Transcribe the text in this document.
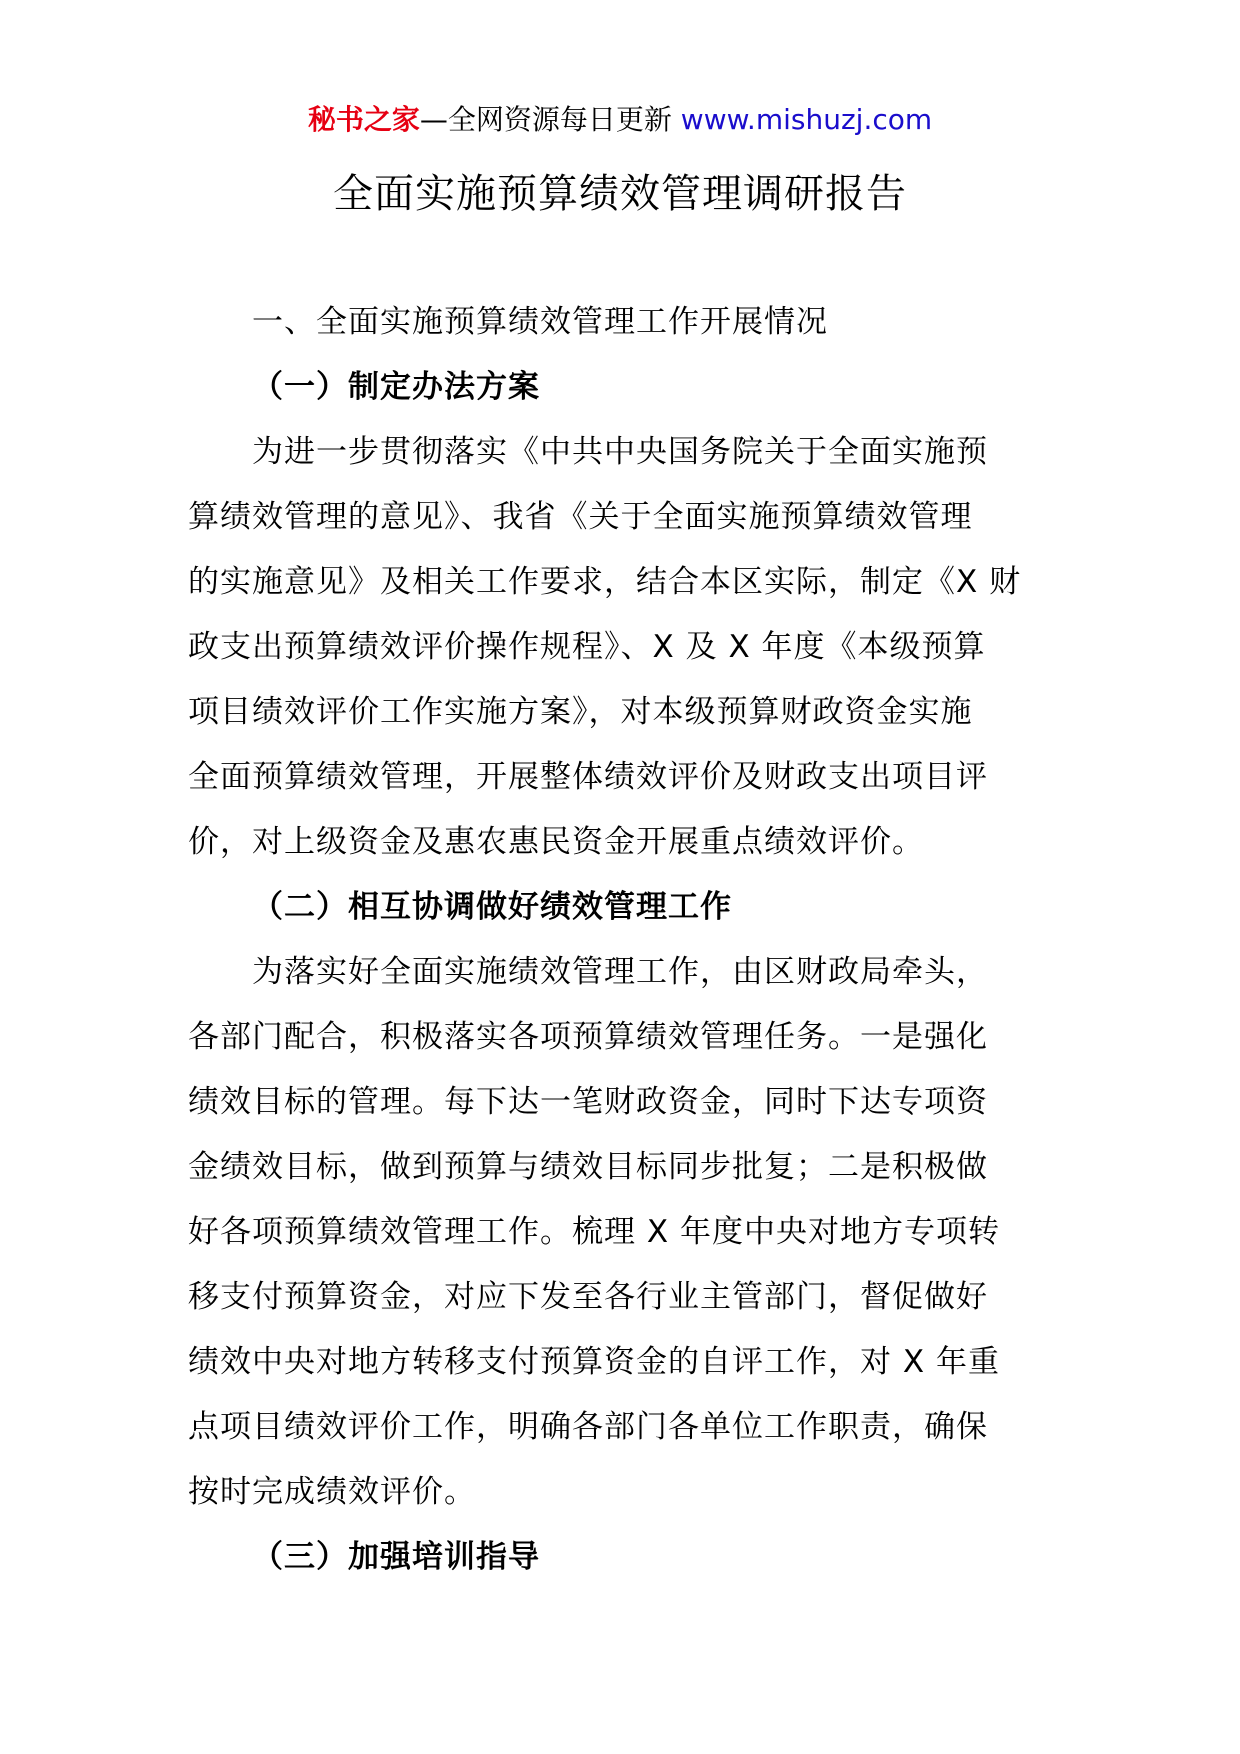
秘书之家—全网资源每日更新 www.mishuzj.com
全面实施预算绩效管理调研报告
一、全面实施预算绩效管理工作开展情况
（一）制定办法方案
为进一步贯彻落实《中共中央国务院关于全面实施预
算绩效管理的意见》、我省《关于全面实施预算绩效管理
的实施意见》及相关工作要求，结合本区实际，制定《X 财
政支出预算绩效评价操作规程》、X 及 X 年度《本级预算
项目绩效评价工作实施方案》，对本级预算财政资金实施
全面预算绩效管理，开展整体绩效评价及财政支出项目评
价，对上级资金及惠农惠民资金开展重点绩效评价。
（二）相互协调做好绩效管理工作
为落实好全面实施绩效管理工作，由区财政局牵头，
各部门配合，积极落实各项预算绩效管理任务。一是强化
绩效目标的管理。每下达一笔财政资金，同时下达专项资
金绩效目标，做到预算与绩效目标同步批复；二是积极做
好各项预算绩效管理工作。梳理 X 年度中央对地方专项转
移支付预算资金，对应下发至各行业主管部门，督促做好
绩效中央对地方转移支付预算资金的自评工作，对 X 年重
点项目绩效评价工作，明确各部门各单位工作职责，确保
按时完成绩效评价。
（三）加强培训指导
